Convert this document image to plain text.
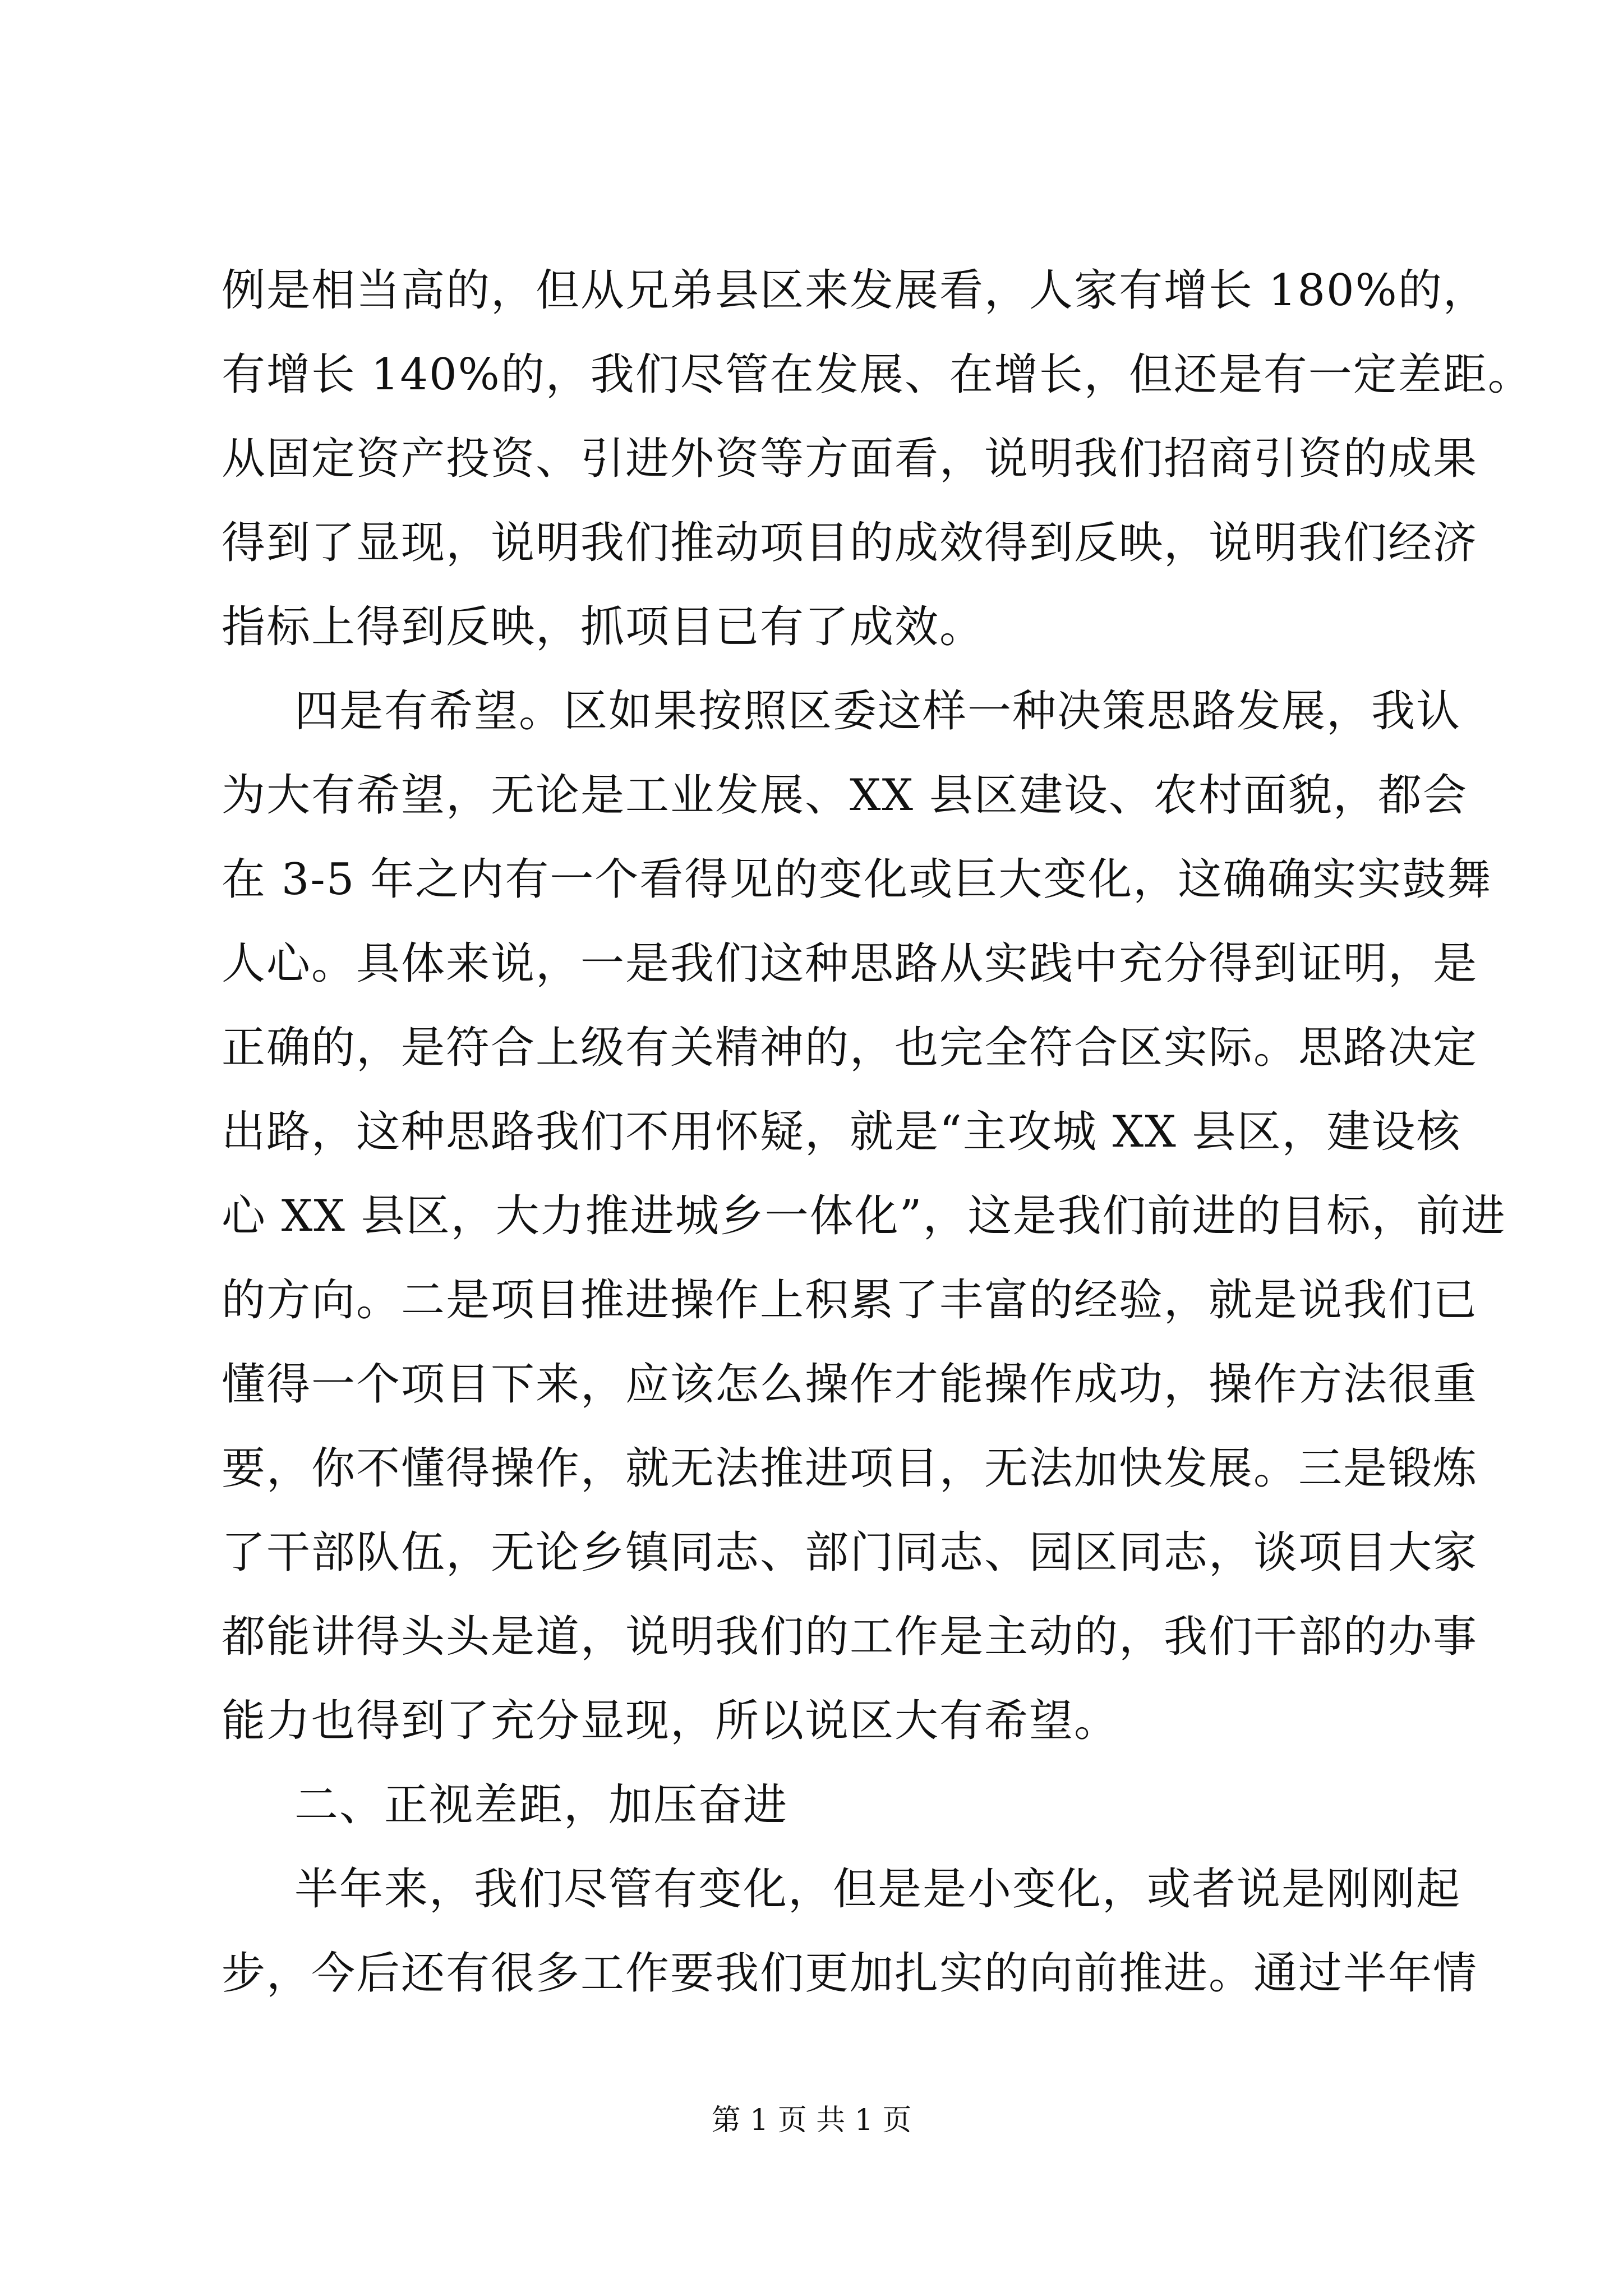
例是相当高的，但从兄弟县区来发展看，人家有增长 180%的，
有增长 140%的，我们尽管在发展、在增长，但还是有一定差距。
从固定资产投资、引进外资等方面看，说明我们招商引资的成果
得到了显现，说明我们推动项目的成效得到反映，说明我们经济
指标上得到反映，抓项目已有了成效。
四是有希望。区如果按照区委这样一种决策思路发展，我认
为大有希望，无论是工业发展、XX 县区建设、农村面貌，都会
在 3-5 年之内有一个看得见的变化或巨大变化，这确确实实鼓舞
人心。具体来说，一是我们这种思路从实践中充分得到证明，是
正确的，是符合上级有关精神的，也完全符合区实际。思路决定
出路，这种思路我们不用怀疑，就是“主攻城 XX 县区，建设核
心 XX 县区，大力推进城乡一体化”，这是我们前进的目标，前进
的方向。二是项目推进操作上积累了丰富的经验，就是说我们已
懂得一个项目下来，应该怎么操作才能操作成功，操作方法很重
要，你不懂得操作，就无法推进项目，无法加快发展。三是锻炼
了干部队伍，无论乡镇同志、部门同志、园区同志，谈项目大家
都能讲得头头是道，说明我们的工作是主动的，我们干部的办事
能力也得到了充分显现，所以说区大有希望。
二、正视差距，加压奋进
半年来，我们尽管有变化，但是是小变化，或者说是刚刚起
步，今后还有很多工作要我们更加扎实的向前推进。通过半年情
第 1 页 共 1 页
